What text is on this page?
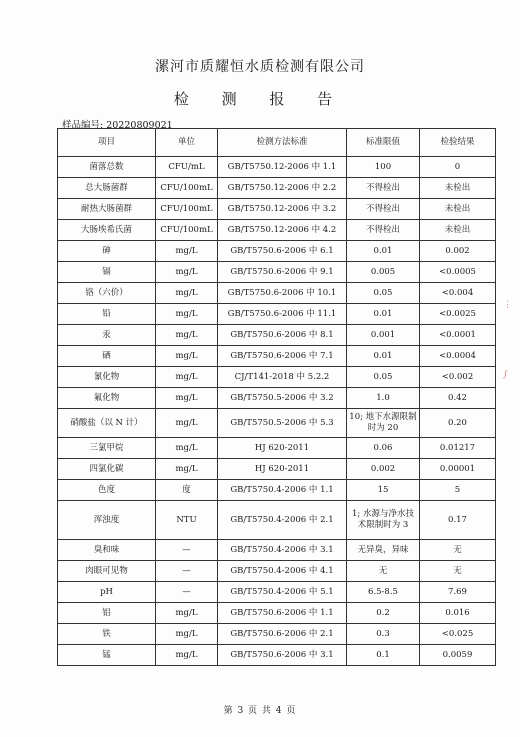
漯河市质耀恒水质检测有限公司
检 测 报 告
样品编号: 20220809021
项目	单位	检测方法标准	标准限值	检验结果
菌落总数	CFU/mL	GB/T5750.12-2006 中 1.1	100	0
总大肠菌群	CFU/100mL	GB/T5750.12-2006 中 2.2	不得检出	未检出
耐热大肠菌群	CFU/100mL	GB/T5750.12-2006 中 3.2	不得检出	未检出
大肠埃希氏菌	CFU/100mL	GB/T5750.12-2006 中 4.2	不得检出	未检出
砷	mg/L	GB/T5750.6-2006 中 6.1	0.01	0.002
镉	mg/L	GB/T5750.6-2006 中 9.1	0.005	<0.0005
铬（六价）	mg/L	GB/T5750.6-2006 中 10.1	0.05	<0.004
铅	mg/L	GB/T5750.6-2006 中 11.1	0.01	<0.0025
汞	mg/L	GB/T5750.6-2006 中 8.1	0.001	<0.0001
硒	mg/L	GB/T5750.6-2006 中 7.1	0.01	<0.0004
氰化物	mg/L	CJ/T141-2018 中 5.2.2	0.05	<0.002
氟化物	mg/L	GB/T5750.5-2006 中 3.2	1.0	0.42
硝酸盐（以 N 计）	mg/L	GB/T5750.5-2006 中 5.3	10; 地下水源限制时为 20	0.20
三氯甲烷	mg/L	HJ 620-2011	0.06	0.01217
四氯化碳	mg/L	HJ 620-2011	0.002	0.00001
色度	度	GB/T5750.4-2006 中 1.1	15	5
浑浊度	NTU	GB/T5750.4-2006 中 2.1	1; 水源与净水技术限制时为 3	0.17
臭和味	—	GB/T5750.4-2006 中 3.1	无异臭，异味	无
肉眼可见物	—	GB/T5750.4-2006 中 4.1	无	无
pH	—	GB/T5750.4-2006 中 5.1	6.5-8.5	7.69
铝	mg/L	GB/T5750.6-2006 中 1.1	0.2	0.016
铁	mg/L	GB/T5750.6-2006 中 2.1	0.3	<0.025
锰	mg/L	GB/T5750.6-2006 中 3.1	0.1	0.0059
第 3 页 共 4 页
⋮
∫
